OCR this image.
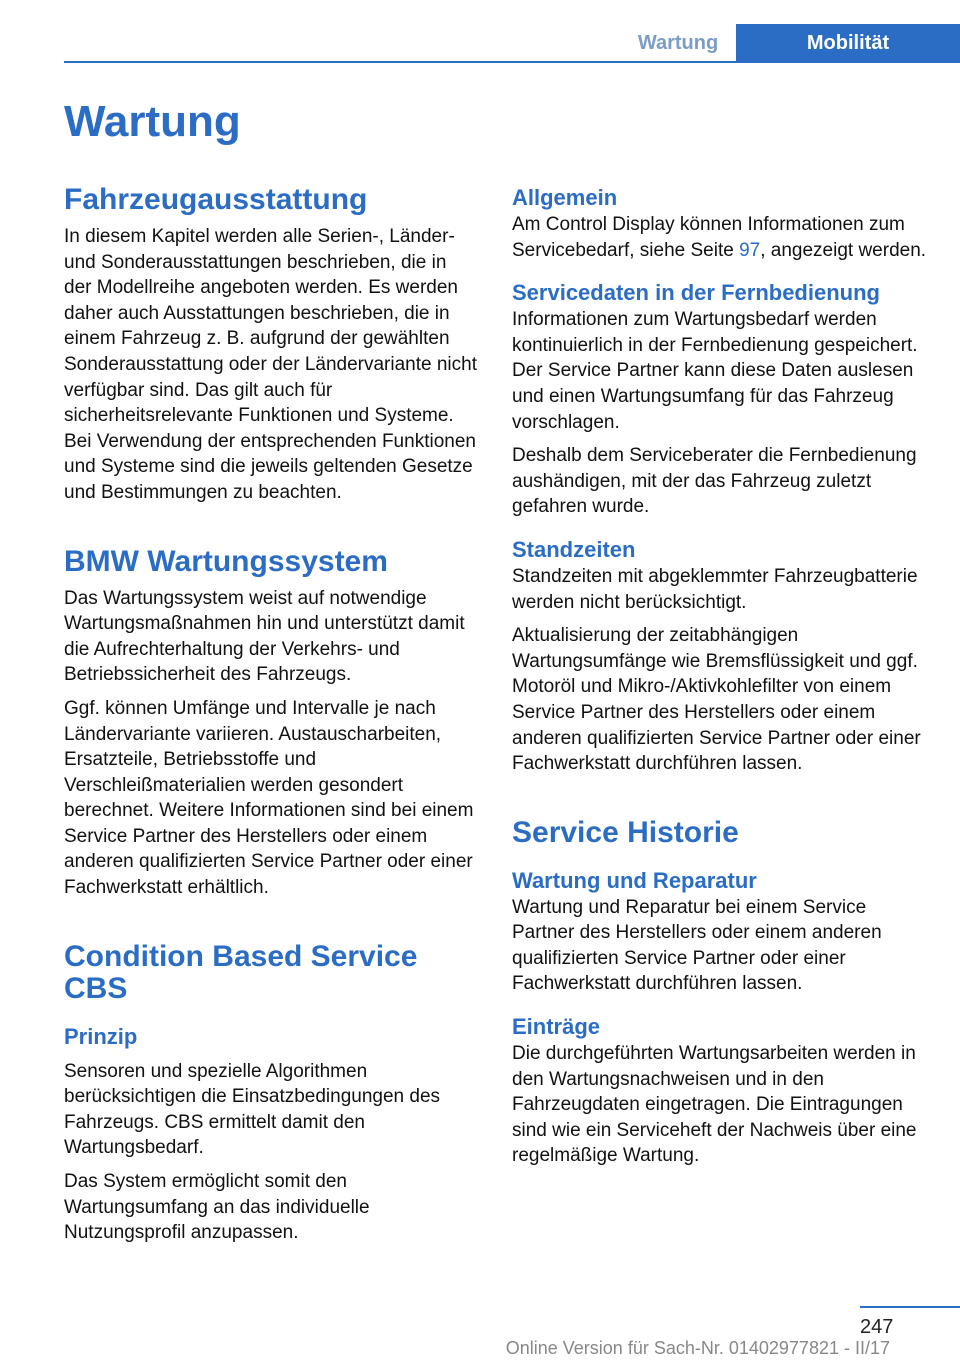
Wartung	Mobilität
Wartung
Fahrzeugausstattung

In diesem Kapitel werden alle Serien-, Länder- und Sonderausstattungen beschrieben, die in der Modellreihe angeboten werden. Es werden daher auch Ausstattungen beschrieben, die in einem Fahrzeug z. B. aufgrund der gewählten Sonderausstattung oder der Ländervariante nicht verfügbar sind. Das gilt auch für sicherheitsrelevante Funktionen und Systeme. Bei Verwendung der entsprechenden Funktionen und Systeme sind die jeweils geltenden Gesetze und Bestimmungen zu beachten.

BMW Wartungssystem

Das Wartungssystem weist auf notwendige Wartungsmaßnahmen hin und unterstützt damit die Aufrechterhaltung der Verkehrs- und Betriebssicherheit des Fahrzeugs.

Ggf. können Umfänge und Intervalle je nach Ländervariante variieren. Austauscharbeiten, Ersatzteile, Betriebsstoffe und Verschleißmaterialien werden gesondert berechnet. Weitere Informationen sind bei einem Service Partner des Herstellers oder einem anderen qualifizierten Service Partner oder einer Fachwerkstatt erhältlich.

Condition Based Service CBS
Prinzip

Sensoren und spezielle Algorithmen berücksichtigen die Einsatzbedingungen des Fahrzeugs. CBS ermittelt damit den Wartungsbedarf.

Das System ermöglicht somit den Wartungsumfang an das individuelle Nutzungsprofil anzupassen.

Allgemein

Am Control Display können Informationen zum Servicebedarf, siehe Seite 97, angezeigt werden.

Servicedaten in der Fernbedienung

Informationen zum Wartungsbedarf werden kontinuierlich in der Fernbedienung gespeichert. Der Service Partner kann diese Daten auslesen und einen Wartungsumfang für das Fahrzeug vorschlagen.

Deshalb dem Serviceberater die Fernbedienung aushändigen, mit der das Fahrzeug zuletzt gefahren wurde.

Standzeiten

Standzeiten mit abgeklemmter Fahrzeugbatterie werden nicht berücksichtigt.

Aktualisierung der zeitabhängigen Wartungsumfänge wie Bremsflüssigkeit und ggf. Motoröl und Mikro-/Aktivkohlefilter von einem Service Partner des Herstellers oder einem anderen qualifizierten Service Partner oder einer Fachwerkstatt durchführen lassen.

Service Historie
Wartung und Reparatur

Wartung und Reparatur bei einem Service Partner des Herstellers oder einem anderen qualifizierten Service Partner oder einer Fachwerkstatt durchführen lassen.

Einträge

Die durchgeführten Wartungsarbeiten werden in den Wartungsnachweisen und in den Fahrzeugdaten eingetragen. Die Eintragungen sind wie ein Serviceheft der Nachweis über eine regelmäßige Wartung.

247
Online Version für Sach-Nr. 01402977821 - II/17
